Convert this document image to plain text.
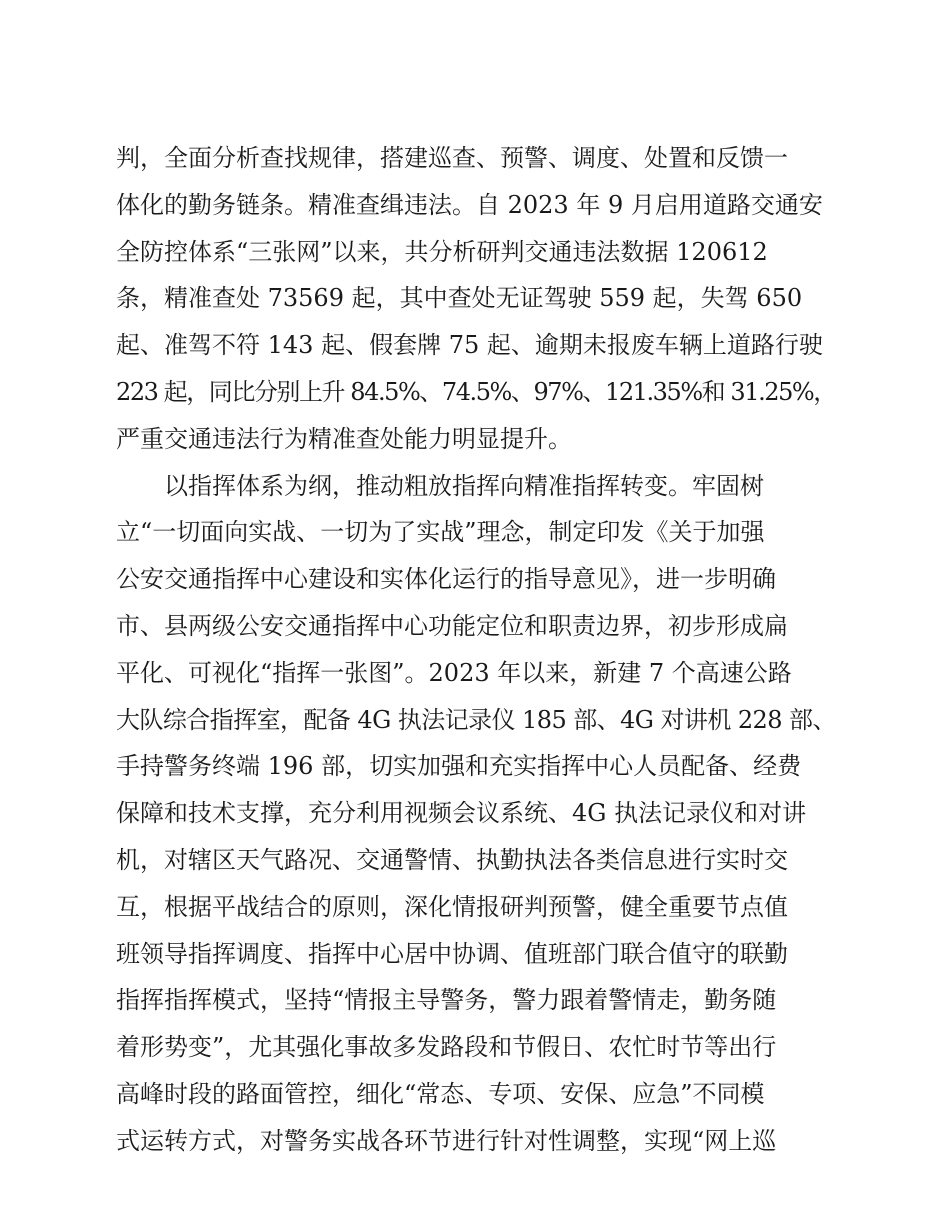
判，全面分析查找规律，搭建巡查、预警、调度、处置和反馈一
体化的勤务链条。精准查缉违法。自 2023 年 9 月启用道路交通安
全防控体系“三张网”以来，共分析研判交通违法数据 120612
条，精准查处 73569 起，其中查处无证驾驶 559 起，失驾 650
起、准驾不符 143 起、假套牌 75 起、逾期未报废车辆上道路行驶
223 起，同比分别上升 84.5%、74.5%、97%、121.35%和 31.25%，
严重交通违法行为精准查处能力明显提升。
以指挥体系为纲，推动粗放指挥向精准指挥转变。牢固树
立“一切面向实战、一切为了实战”理念，制定印发《关于加强
公安交通指挥中心建设和实体化运行的指导意见》，进一步明确
市、县两级公安交通指挥中心功能定位和职责边界，初步形成扁
平化、可视化“指挥一张图”。2023 年以来，新建 7 个高速公路
大队综合指挥室，配备 4G 执法记录仪 185 部、4G 对讲机 228 部、
手持警务终端 196 部，切实加强和充实指挥中心人员配备、经费
保障和技术支撑，充分利用视频会议系统、4G 执法记录仪和对讲
机，对辖区天气路况、交通警情、执勤执法各类信息进行实时交
互，根据平战结合的原则，深化情报研判预警，健全重要节点值
班领导指挥调度、指挥中心居中协调、值班部门联合值守的联勤
指挥指挥模式，坚持“情报主导警务，警力跟着警情走，勤务随
着形势变”，尤其强化事故多发路段和节假日、农忙时节等出行
高峰时段的路面管控，细化“常态、专项、安保、应急”不同模
式运转方式，对警务实战各环节进行针对性调整，实现“网上巡
